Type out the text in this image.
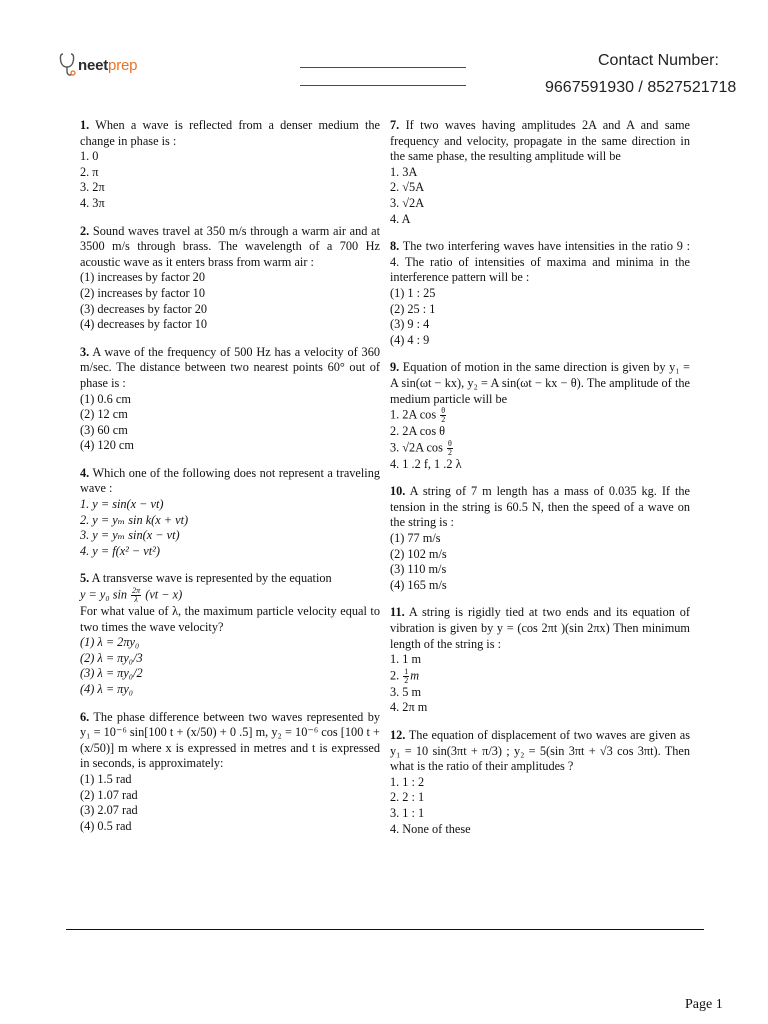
neetprep	Contact Number:
9667591930 / 8527521718
1. When a wave is reflected from a denser medium the change in phase is :
1. 0
2. π
3. 2π
4. 3π
2. Sound waves travel at 350 m/s through a warm air and at 3500 m/s through brass. The wavelength of a 700 Hz acoustic wave as it enters brass from warm air :
(1) increases by factor 20
(2) increases by factor 10
(3) decreases by factor 20
(4) decreases by factor 10
3. A wave of the frequency of 500 Hz has a velocity of 360 m/sec. The distance between two nearest points 60° out of phase is :
(1) 0.6 cm
(2) 12 cm
(3) 60 cm
(4) 120 cm
4. Which one of the following does not represent a traveling wave :
1. y = sin(x − vt)
2. y = yₘ sin k(x + vt)
3. y = yₘ sin(x − vt)
4. y = f(x² − vt²)
5. A transverse wave is represented by the equation
y = y₀ $\sin \frac{2\pi}{\lambda} (vt - x)$
For what value of λ, the maximum particle velocity equal to two times the wave velocity?
(1) λ = 2πy₀
(2) λ = πy₀/3
(3) λ = πy₀/2
(4) λ = πy₀
6. The phase difference between two waves represented by y₁ = 10⁻⁶ sin[100 t + (x/50) + 0 .5] m, y₂ = 10⁻⁶ cos [100 t + (x/50)] m where x is expressed in metres and t is expressed in seconds, is approximately:
(1) 1.5 rad
(2) 1.07 rad
(3) 2.07 rad
(4) 0.5 rad
7. If two waves having amplitudes 2A and A and same frequency and velocity, propagate in the same direction in the same phase, the resulting amplitude will be
1. 3A
2. √5A
3. √2A
4. A
8. The two interfering waves have intensities in the ratio 9 : 4. The ratio of intensities of maxima and minima in the interference pattern will be :
(1) 1 : 25
(2) 25 : 1
(3) 9 : 4
(4) 4 : 9
9. Equation of motion in the same direction is given by y₁ = A sin(ωt − kx), y₂ = A sin(ωt − kx − θ). The amplitude of the medium particle will be
1. 2A $\cos \frac{\theta}{2}$
2. 2A cos θ
3. √2A $\cos \frac{\theta}{2}$
4. 1 .2 f, 1 .2 λ
10. A string of 7 m length has a mass of 0.035 kg. If the tension in the string is 60.5 N, then the speed of a wave on the string is :
(1) 77 m/s
(2) 102 m/s
(3) 110 m/s
(4) 165 m/s
11. A string is rigidly tied at two ends and its equation of vibration is given by y = (cos 2πt )(sin 2πx) Then minimum length of the string is :
1. 1 m
2. $\frac{1}{2}$ m
3. 5 m
4. 2π m
12. The equation of displacement of two waves are given as y₁ = 10 sin(3πt + π/3) ; y₂ = 5(sin 3πt + √3 cos 3πt). Then what is the ratio of their amplitudes ?
1. 1 : 2
2. 2 : 1
3. 1 : 1
4. None of these
Page 1
